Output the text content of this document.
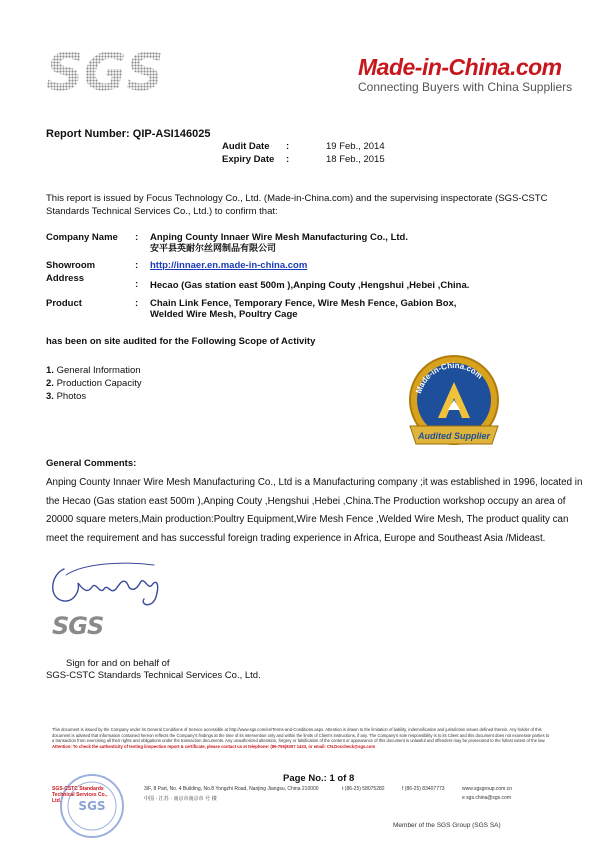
SGS	Made-in-China.com
Connecting Buyers with China Suppliers
Report Number: QIP-ASI146025
Audit Date :	19 Feb., 2014
Expiry Date :	18 Feb., 2015
This report is issued by Focus Technology Co., Ltd. (Made-in-China.com) and the supervising inspectorate (SGS-CSTC Standards Technical Services Co., Ltd.) to confirm that:
Company Name : Anping County Innaer Wire Mesh Manufacturing Co., Ltd.
安平县英耐尔丝网制品有限公司
Showroom	: http://innaer.en.made-in-china.com
Address
: Hecao (Gas station east 500m ),Anping Couty ,Hengshui ,Hebei ,China.
Product	: Chain Link Fence, Temporary Fence, Wire Mesh Fence, Gabion Box,
Welded Wire Mesh, Poultry Cage
has been on site audited for the Following Scope of Activity
1. General Information
2. Production Capacity
3. Photos
Made-in-China.com
Audited Supplier
General Comments:
Anping County Innaer Wire Mesh Manufacturing Co., Ltd is a Manufacturing company ;it was established in 1996, located in the Hecao (Gas station east 500m ),Anping Couty ,Hengshui ,Hebei ,China.The Production workshop occupy an area of 20000 square meters,Main production:Poultry Equipment,Wire Mesh Fence ,Welded Wire Mesh, The product quality can meet the requirement and has successful foreign trading experience in Africa, Europe and Southeast Asia /Mideast.
SGS
Sign for and on behalf of
SGS-CSTC Standards Technical Services Co., Ltd.
This document is issued by the Company under its General Conditions of Service accessible at http://www.sgs.com/en/Terms-and-Conditions.aspx. Attention is drawn to the limitation of liability, indemnification and jurisdiction issues defined therein. Any holder of this document is advised that information contained hereon reflects the Company's findings at the time of its intervention only and within the limits of Client's instructions, if any. The Company's sole responsibility is to its Client and this document does not exonerate parties to a transaction from exercising all their rights and obligations under the transaction documents. Any unauthorized alteration, forgery or falsification of the content or appearance of this document is unlawful and offenders may be prosecuted to the fullest extent of the law.
Attention: To check the authenticity of testing /inspection report & certificate, please contact us at telephone: (86-755)8307 1443, or email: CN.Doccheck@sgs.com
Page No.: 1 of 8
SGS
SGS-CSTC Standards Technical Services Co., Ltd.
3/F, 8 Part, No. 4 Building, No.8 Yongzhi Road, Nanjing Jiangsu, China 210000
中国 · 江苏 · 南京市南京市 号 楼
t (86-25) 58075282	f (86-25) 83407773	www.sgsgroup.com.cn
e sgs.china@sgs.com
Member of the SGS Group (SGS SA)
